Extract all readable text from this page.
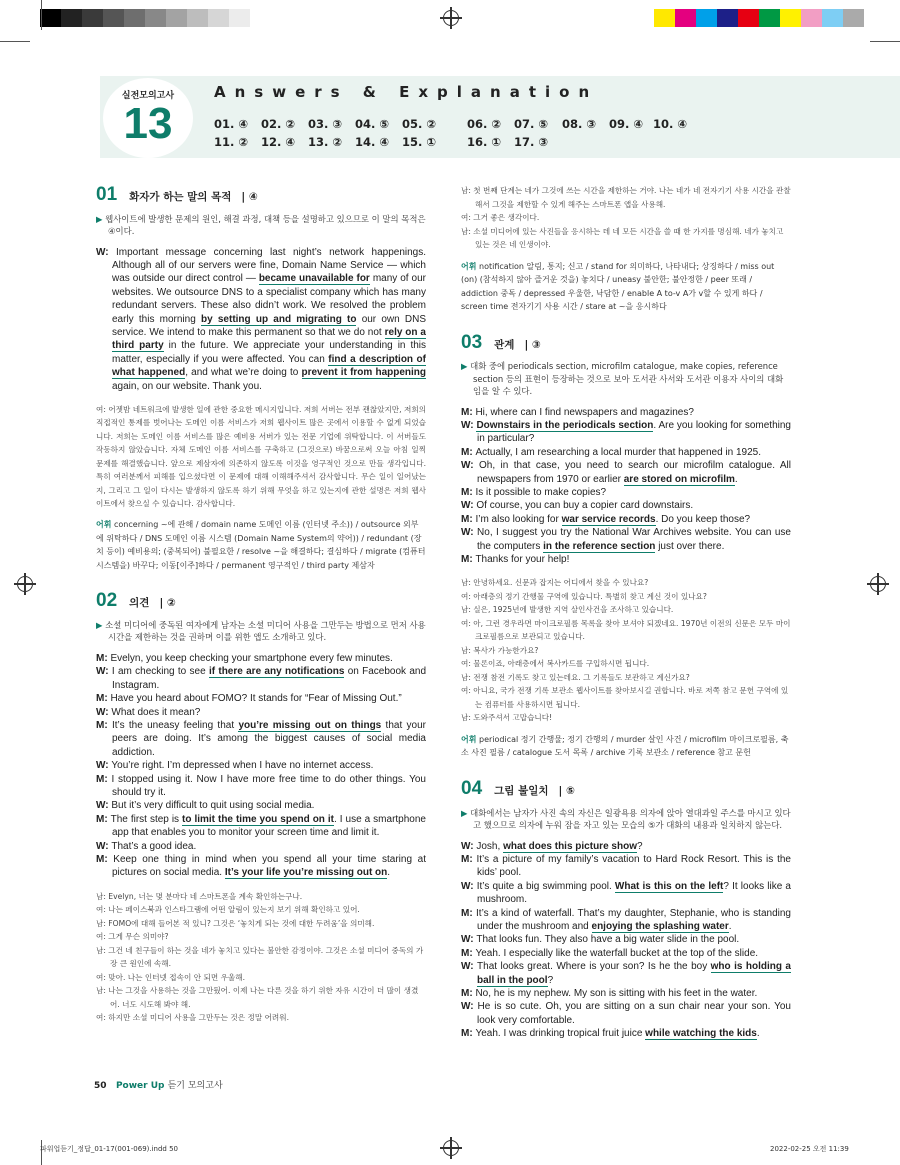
실전모의고사
13
Answers & Explanation
01. ④ 02. ② 03. ③ 04. ⑤ 05. ②	06. ② 07. ⑤ 08. ③ 09. ④ 10. ④
11. ② 12. ④ 13. ② 14. ④ 15. ①	16. ① 17. ③
01 화자가 하는 말의 목적 | ④
▶ 웹사이트에 발생한 문제의 원인, 해결 과정, 대책 등을 설명하고 있으므로 이 말의 목적은 ④이다.
W: Important message concerning last night’s network happenings. Although all of our servers were fine, Domain Name Service — which was outside our direct control — became unavailable for many of our websites. We outsource DNS to a specialist company which has many redundant servers. These also didn’t work. We resolved the problem early this morning by setting up and migrating to our own DNS service. We intend to make this permanent so that we do not rely on a third party in the future. We appreciate your understanding in this matter, especially if you were affected. You can find a description of what happened, and what we’re doing to prevent it from happening again, on our website. Thank you.
여: 어젯밤 네트워크에 발생한 일에 관한 중요한 메시지입니다. 저희 서버는 전부 괜찮았지만, 저희의 직접적인 통제를 벗어나는 도메인 이름 서비스가 저희 웹사이트 많은 곳에서 이용할 수 없게 되었습니다. 저희는 도메인 이름 서비스를 많은 예비용 서버가 있는 전문 기업에 위탁합니다. 이 서버들도 작동하지 않았습니다. 자체 도메인 이름 서비스를 구축하고 (그것으로) 바꿈으로써 오늘 아침 일찍 문제를 해결했습니다. 앞으로 제삼자에 의존하지 않도록 이것을 영구적인 것으로 만들 생각입니다. 특히 여러분께서 피해를 입으셨다면 이 문제에 대해 이해해주셔서 감사합니다. 무슨 일이 일어났는지, 그리고 그 일이 다시는 발생하지 않도록 하기 위해 무엇을 하고 있는지에 관한 설명은 저희 웹사이트에서 찾으실 수 있습니다. 감사합니다.
어휘 concerning ~에 관해 / domain name 도메인 이름 (인터넷 주소)) / outsource 외부에 위탁하다 / DNS 도메인 이름 시스템 (Domain Name System의 약어)) / redundant (장치 등이) 예비용의; (중복되어) 불필요한 / resolve ~을 해결하다; 결심하다 / migrate (컴퓨터 시스템을) 바꾸다; 이동[이주]하다 / permanent 영구적인 / third party 제삼자
02 의견 | ②
▶ 소셜 미디어에 중독된 여자에게 남자는 소셜 미디어 사용을 그만두는 방법으로 먼저 사용 시간을 제한하는 것을 권하며 이를 위한 앱도 소개하고 있다.
M: Evelyn, you keep checking your smartphone every few minutes.
W: I am checking to see if there are any notifications on Facebook and Instagram.
M: Have you heard about FOMO? It stands for “Fear of Missing Out.”
W: What does it mean?
M: It’s the uneasy feeling that you’re missing out on things that your peers are doing. It’s among the biggest causes of social media addiction.
W: You’re right. I’m depressed when I have no internet access.
M: I stopped using it. Now I have more free time to do other things. You should try it.
W: But it’s very difficult to quit using social media.
M: The first step is to limit the time you spend on it. I use a smartphone app that enables you to monitor your screen time and limit it.
W: That’s a good idea.
M: Keep one thing in mind when you spend all your time staring at pictures on social media. It’s your life you’re missing out on.
남: Evelyn, 너는 몇 분마다 네 스마트폰을 계속 확인하는구나.
여: 나는 페이스북과 인스타그램에 어떤 알림이 있는지 보기 위해 확인하고 있어.
남: FOMO에 대해 들어본 적 있니? 그것은 ‘놓치게 되는 것에 대한 두려움’을 의미해.
여: 그게 무슨 의미야?
남: 그건 네 친구들이 하는 것을 네가 놓치고 있다는 불안한 감정이야. 그것은 소셜 미디어 중독의 가장 큰 원인에 속해.
여: 맞아. 나는 인터넷 접속이 안 되면 우울해.
남: 나는 그것을 사용하는 것을 그만뒀어. 이제 나는 다른 것을 하기 위한 자유 시간이 더 많이 생겼어. 너도 시도해 봐야 해.
여: 하지만 소셜 미디어 사용을 그만두는 것은 정말 어려워.
남: 첫 번째 단계는 네가 그것에 쓰는 시간을 제한하는 거야. 나는 네가 네 전자기기 사용 시간을 관찰해서 그것을 제한할 수 있게 해주는 스마트폰 앱을 사용해.
여: 그거 좋은 생각이다.
남: 소셜 미디어에 있는 사진들을 응시하는 데 네 모든 시간을 쓸 때 한 가지를 명심해. 네가 놓치고 있는 것은 네 인생이야.
어휘 notification 알림, 통지; 신고 / stand for 의미하다, 나타내다; 상징하다 / miss out (on) (참석하지 않아 즐거운 것을) 놓치다 / uneasy 불안한; 불안정한 / peer 또래 / addiction 중독 / depressed 우울한, 낙담한 / enable A to-v A가 v할 수 있게 하다 / screen time 전자기기 사용 시간 / stare at ~을 응시하다
03 관계 | ③
▶ 대화 중에 periodicals section, microfilm catalogue, make copies, reference section 등의 표현이 등장하는 것으로 보아 도서관 사서와 도서관 이용자 사이의 대화임을 알 수 있다.
M: Hi, where can I find newspapers and magazines?
W: Downstairs in the periodicals section. Are you looking for something in particular?
M: Actually, I am researching a local murder that happened in 1925.
W: Oh, in that case, you need to search our microfilm catalogue. All newspapers from 1970 or earlier are stored on microfilm.
M: Is it possible to make copies?
W: Of course, you can buy a copier card downstairs.
M: I’m also looking for war service records. Do you keep those?
W: No, I suggest you try the National War Archives website. You can use the computers in the reference section just over there.
M: Thanks for your help!
남: 안녕하세요. 신문과 잡지는 어디에서 찾을 수 있나요?
여: 아래층의 정기 간행물 구역에 있습니다. 특별히 찾고 계신 것이 있나요?
남: 실은, 1925년에 발생한 지역 살인사건을 조사하고 있습니다.
여: 아, 그런 경우라면 마이크로필름 목록을 찾아 보셔야 되겠네요. 1970년 이전의 신문은 모두 마이크로필름으로 보관되고 있습니다.
남: 복사가 가능한가요?
여: 물론이죠, 아래층에서 복사카드를 구입하시면 됩니다.
남: 전쟁 참전 기록도 찾고 있는데요. 그 기록들도 보관하고 계신가요?
여: 아니요, 국가 전쟁 기록 보관소 웹사이트를 찾아보시길 권합니다. 바로 저쪽 참고 문헌 구역에 있는 컴퓨터를 사용하시면 됩니다.
남: 도와주셔서 고맙습니다!
어휘 periodical 정기 간행물; 정기 간행의 / murder 살인 사건 / microfilm 마이크로필름, 축소 사진 필름 / catalogue 도서 목록 / archive 기록 보관소 / reference 참고 문헌
04 그림 불일치 | ⑤
▶ 대화에서는 남자가 사진 속의 자신은 일광욕용 의자에 앉아 열대과일 주스를 마시고 있다고 했으므로 의자에 누워 잠을 자고 있는 모습의 ⑤가 대화의 내용과 일치하지 않는다.
W: Josh, what does this picture show?
M: It’s a picture of my family’s vacation to Hard Rock Resort. This is the kids’ pool.
W: It’s quite a big swimming pool. What is this on the left? It looks like a mushroom.
M: It’s a kind of waterfall. That’s my daughter, Stephanie, who is standing under the mushroom and enjoying the splashing water.
W: That looks fun. They also have a big water slide in the pool.
M: Yeah. I especially like the waterfall bucket at the top of the slide.
W: That looks great. Where is your son? Is he the boy who is holding a ball in the pool?
M: No, he is my nephew. My son is sitting with his feet in the water.
W: He is so cute. Oh, you are sitting on a sun chair near your son. You look very comfortable.
M: Yeah. I was drinking tropical fruit juice while watching the kids.
50 Power Up 듣기 모의고사
파워업듣기_정답_01-17(001-069).indd 50	2022-02-25 오전 11:39
